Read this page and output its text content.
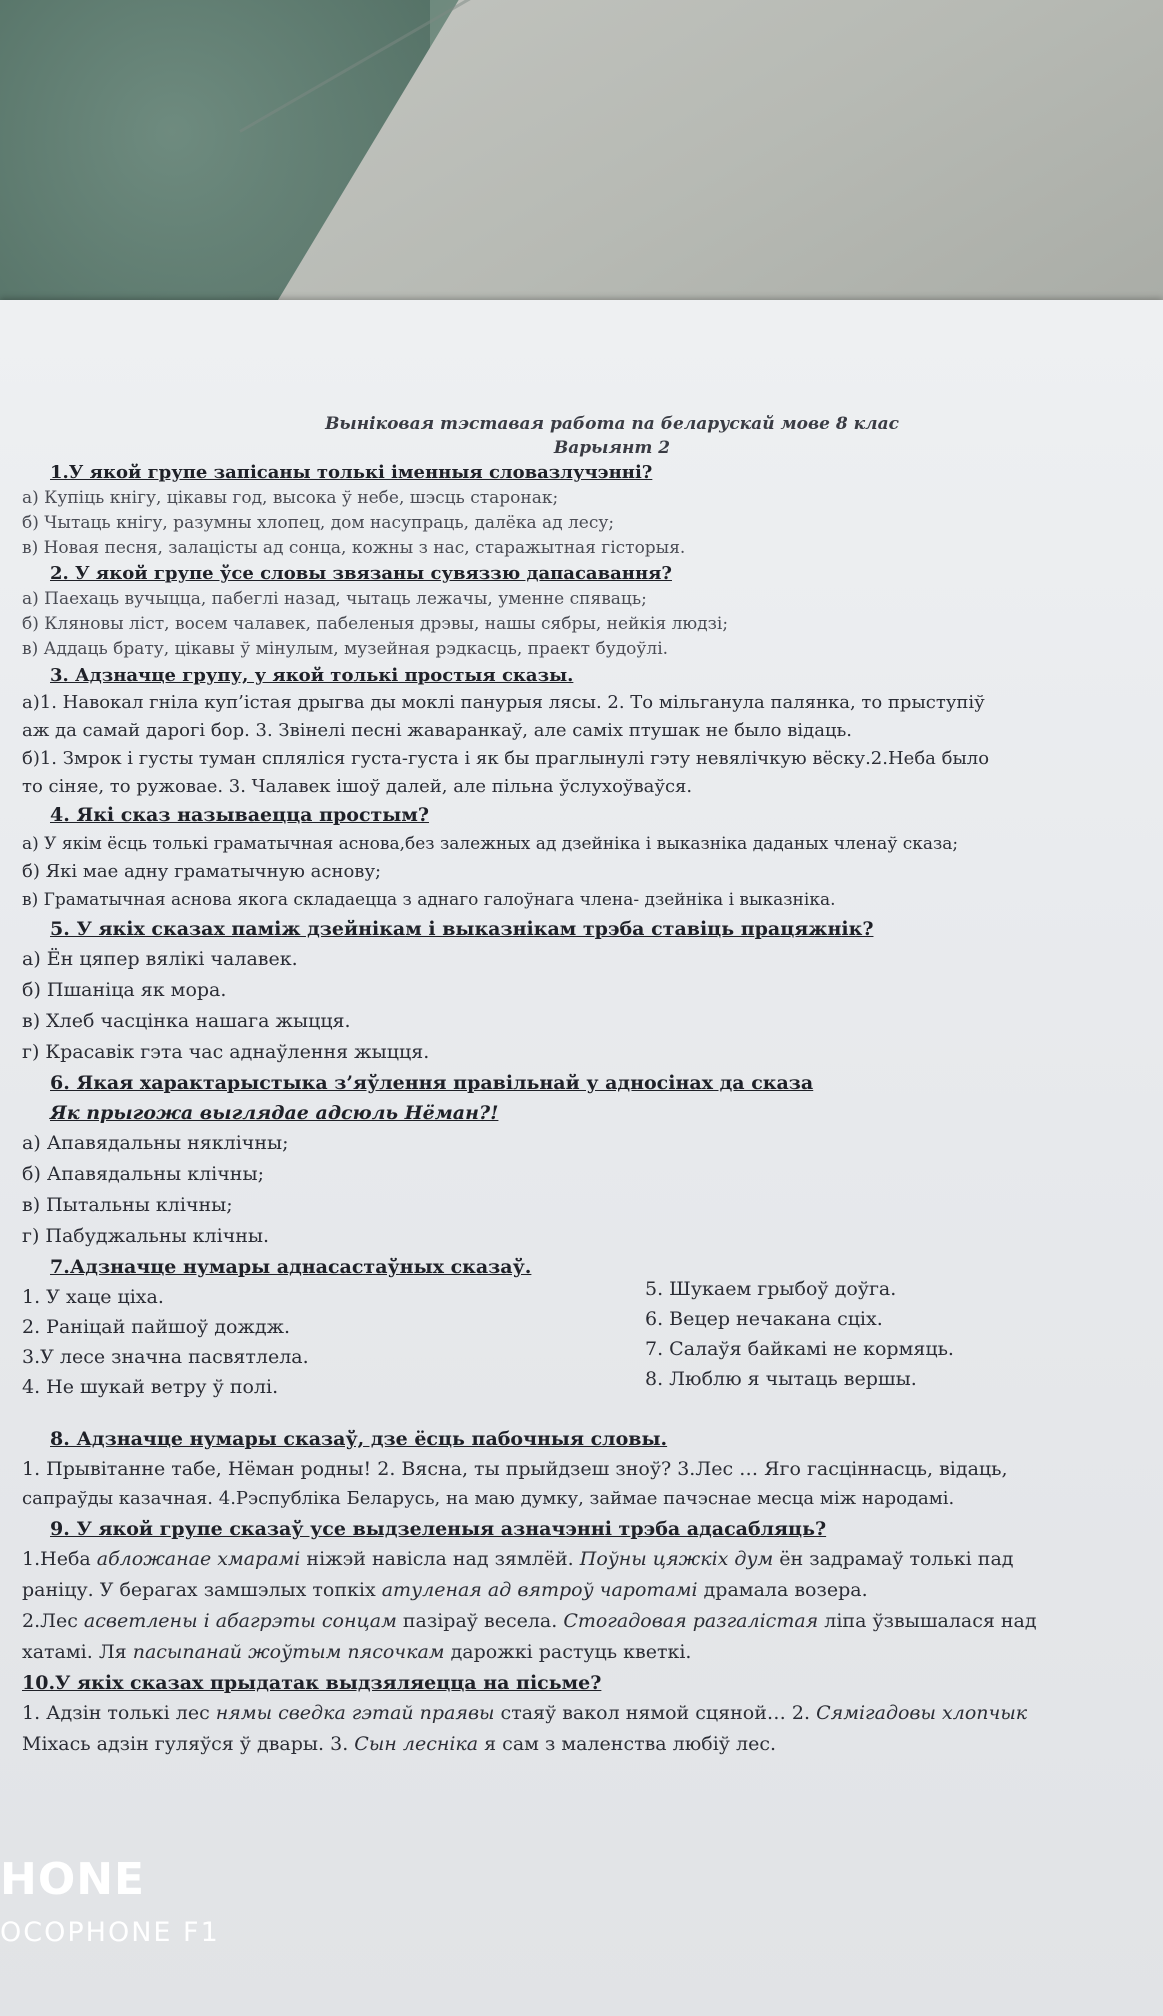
Выніковая тэставая работа па беларускай мове 8 клас
Варыянт 2
1.У якой групе запісаны толькі іменныя словазлучэнні?
а) Купіць кнігу, цікавы год, высока ў небе, шэсць старонак;
б) Чытаць кнігу, разумны хлопец, дом насупраць, далёка ад лесу;
в) Новая песня, залацісты ад сонца, кожны з нас, старажытная гісторыя.
2. У якой групе ўсе словы звязаны сувяззю дапасавання?
а) Паехаць вучыцца, пабеглі назад, чытаць лежачы, уменне спяваць;
б) Кляновы ліст, восем чалавек, пабеленыя дрэвы, нашы сябры, нейкія людзі;
в) Аддаць брату, цікавы ў мінулым, музейная рэдкасць, праект будоўлі.
3. Адзначце групу, у якой толькі простыя сказы.
а)1. Навокал гніла куп’істая дрыгва ды моклі панурыя лясы. 2. То мільганула палянка, то прыступіў
аж да самай дарогі бор. 3. Звінелі песні жаваранкаў, але саміх птушак не было відаць.
б)1. Змрок і густы туман спляліся густа-густа і як бы праглынулі гэту невялічкую вёску.2.Неба было
то сіняе, то ружовае. 3. Чалавек ішоў далей, але пільна ўслухоўваўся.
4. Які сказ называецца простым?
а) У якім ёсць толькі граматычная аснова,без залежных ад дзейніка і выказніка даданых членаў сказа;
б) Які мае адну граматычную аснову;
в) Граматычная аснова якога складаецца з аднаго галоўнага члена- дзейніка і выказніка.
5. У якіх сказах паміж дзейнікам і выказнікам трэба ставіць працяжнік?
а) Ён цяпер вялікі чалавек.
б) Пшаніца як мора.
в) Хлеб часцінка нашага жыцця.
г) Красавік гэта час аднаўлення жыцця.
6. Якая характарыстыка з’яўлення правільнай у адносінах да сказа
Як прыгожа выглядае адсюль Нёман?!
а) Апавядальны няклічны;
б) Апавядальны клічны;
в) Пытальны клічны;
г) Пабуджальны клічны.
7.Адзначце нумары аднасастаўных сказаў.
1. У хаце ціха.
2. Раніцай пайшоў дождж.
3.У лесе значна пасвятлела.
4. Не шукай ветру ў полі.
5. Шукаем грыбоў доўга.
6. Вецер нечакана сціх.
7. Салаўя байкамі не кормяць.
8. Люблю я чытаць вершы.
8. Адзначце нумары сказаў, дзе ёсць пабочныя словы.
1. Прывітанне табе, Нёман родны! 2. Вясна, ты прыйдзеш зноў? 3.Лес … Яго гасціннасць, відаць,
сапраўды казачная. 4.Рэспубліка Беларусь, на маю думку, займае пачэснае месца між народамі.
9. У якой групе сказаў усе выдзеленыя азначэнні трэба адасабляць?
1.Неба абложанае хмарамі ніжэй навісла над зямлёй. Поўны цяжкіх дум ён задрамаў толькі пад
раніцу. У берагах замшэлых топкіх атуленая ад вятроў чаротамі драмала возера.
2.Лес асветлены і абагрэты сонцам пазіраў весела. Стогадовая разгалістая ліпа ўзвышалася над
хатамі. Ля пасыпанай жоўтым пясочкам дарожкі растуць кветкі.
10.У якіх сказах прыдатак выдзяляецца на пісьме?
1. Адзін толькі лес нямы сведка гэтай праявы стаяў вакол нямой сцяной… 2. Сямігадовы хлопчык
Міхась адзін гуляўся ў двары. 3. Сын лесніка я сам з маленства любіў лес.
HONE
OCOPHONE F1
